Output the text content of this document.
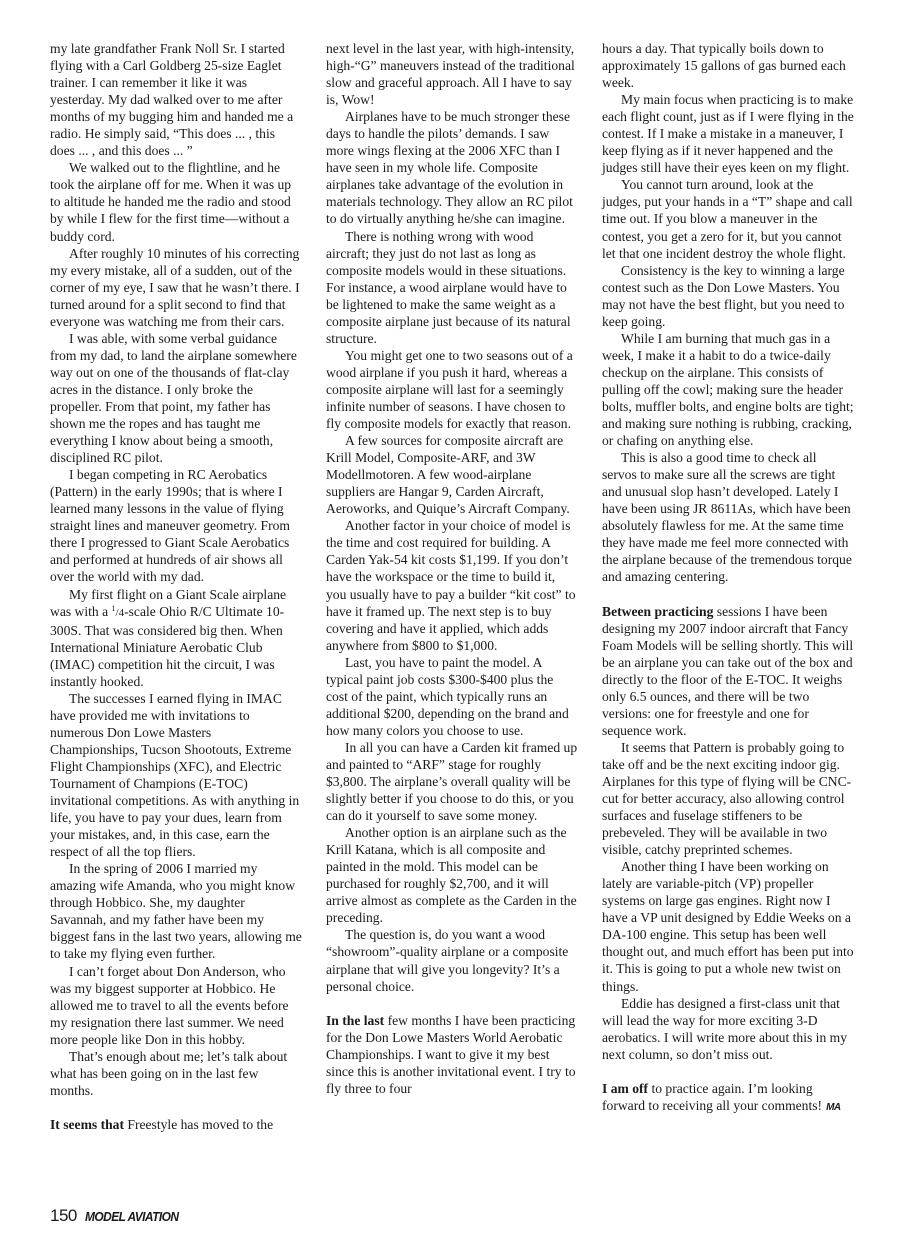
my late grandfather Frank Noll Sr. I started flying with a Carl Goldberg 25-size Eaglet trainer. I can remember it like it was yesterday. My dad walked over to me after months of my bugging him and handed me a radio. He simply said, “This does ... , this does ... , and this does ... ”

We walked out to the flightline, and he took the airplane off for me. When it was up to altitude he handed me the radio and stood by while I flew for the first time—without a buddy cord.

After roughly 10 minutes of his correcting my every mistake, all of a sudden, out of the corner of my eye, I saw that he wasn’t there. I turned around for a split second to find that everyone was watching me from their cars.

I was able, with some verbal guidance from my dad, to land the airplane somewhere way out on one of the thousands of flat-clay acres in the distance. I only broke the propeller. From that point, my father has shown me the ropes and has taught me everything I know about being a smooth, disciplined RC pilot.

I began competing in RC Aerobatics (Pattern) in the early 1990s; that is where I learned many lessons in the value of flying straight lines and maneuver geometry. From there I progressed to Giant Scale Aerobatics and performed at hundreds of air shows all over the world with my dad.

My first flight on a Giant Scale airplane was with a $^1$/4-scale Ohio R/C Ultimate 10-300S. That was considered big then. When International Miniature Aerobatic Club (IMAC) competition hit the circuit, I was instantly hooked.

The successes I earned flying in IMAC have provided me with invitations to numerous Don Lowe Masters Championships, Tucson Shootouts, Extreme Flight Championships (XFC), and Electric Tournament of Champions (E-TOC) invitational competitions. As with anything in life, you have to pay your dues, learn from your mistakes, and, in this case, earn the respect of all the top fliers.

In the spring of 2006 I married my amazing wife Amanda, who you might know through Hobbico. She, my daughter Savannah, and my father have been my biggest fans in the last two years, allowing me to take my flying even further.

I can’t forget about Don Anderson, who was my biggest supporter at Hobbico. He allowed me to travel to all the events before my resignation there last summer. We need more people like Don in this hobby.

That’s enough about me; let’s talk about what has been going on in the last few months.

It seems that Freestyle has moved to the

next level in the last year, with high-intensity, high-“G” maneuvers instead of the traditional slow and graceful approach. All I have to say is, Wow!

Airplanes have to be much stronger these days to handle the pilots’ demands. I saw more wings flexing at the 2006 XFC than I have seen in my whole life. Composite airplanes take advantage of the evolution in materials technology. They allow an RC pilot to do virtually anything he/she can imagine.

There is nothing wrong with wood aircraft; they just do not last as long as composite models would in these situations. For instance, a wood airplane would have to be lightened to make the same weight as a composite airplane just because of its natural structure.

You might get one to two seasons out of a wood airplane if you push it hard, whereas a composite airplane will last for a seemingly infinite number of seasons. I have chosen to fly composite models for exactly that reason.

A few sources for composite aircraft are Krill Model, Composite-ARF, and 3W Modellmotoren. A few wood-airplane suppliers are Hangar 9, Carden Aircraft, Aeroworks, and Quique’s Aircraft Company.

Another factor in your choice of model is the time and cost required for building. A Carden Yak-54 kit costs $1,199. If you don’t have the workspace or the time to build it, you usually have to pay a builder “kit cost” to have it framed up. The next step is to buy covering and have it applied, which adds anywhere from $800 to $1,000.

Last, you have to paint the model. A typical paint job costs $300-$400 plus the cost of the paint, which typically runs an additional $200, depending on the brand and how many colors you choose to use.

In all you can have a Carden kit framed up and painted to “ARF” stage for roughly $3,800. The airplane’s overall quality will be slightly better if you choose to do this, or you can do it yourself to save some money.

Another option is an airplane such as the Krill Katana, which is all composite and painted in the mold. This model can be purchased for roughly $2,700, and it will arrive almost as complete as the Carden in the preceding.

The question is, do you want a wood “showroom”-quality airplane or a composite airplane that will give you longevity? It’s a personal choice.

In the last few months I have been practicing for the Don Lowe Masters World Aerobatic Championships. I want to give it my best since this is another invitational event. I try to fly three to four

hours a day. That typically boils down to approximately 15 gallons of gas burned each week.

My main focus when practicing is to make each flight count, just as if I were flying in the contest. If I make a mistake in a maneuver, I keep flying as if it never happened and the judges still have their eyes keen on my flight.

You cannot turn around, look at the judges, put your hands in a “T” shape and call time out. If you blow a maneuver in the contest, you get a zero for it, but you cannot let that one incident destroy the whole flight.

Consistency is the key to winning a large contest such as the Don Lowe Masters. You may not have the best flight, but you need to keep going.

While I am burning that much gas in a week, I make it a habit to do a twice-daily checkup on the airplane. This consists of pulling off the cowl; making sure the header bolts, muffler bolts, and engine bolts are tight; and making sure nothing is rubbing, cracking, or chafing on anything else.

This is also a good time to check all servos to make sure all the screws are tight and unusual slop hasn’t developed. Lately I have been using JR 8611As, which have been absolutely flawless for me. At the same time they have made me feel more connected with the airplane because of the tremendous torque and amazing centering.

Between practicing sessions I have been designing my 2007 indoor aircraft that Fancy Foam Models will be selling shortly. This will be an airplane you can take out of the box and directly to the floor of the E-TOC. It weighs only 6.5 ounces, and there will be two versions: one for freestyle and one for sequence work.

It seems that Pattern is probably going to take off and be the next exciting indoor gig. Airplanes for this type of flying will be CNC-cut for better accuracy, also allowing control surfaces and fuselage stiffeners to be prebeveled. They will be available in two visible, catchy preprinted schemes.

Another thing I have been working on lately are variable-pitch (VP) propeller systems on large gas engines. Right now I have a VP unit designed by Eddie Weeks on a DA-100 engine. This setup has been well thought out, and much effort has been put into it. This is going to put a whole new twist on things.

Eddie has designed a first-class unit that will lead the way for more exciting 3-D aerobatics. I will write more about this in my next column, so don’t miss out.

I am off to practice again. I’m looking forward to receiving all your comments! MA

150 MODEL AVIATION
